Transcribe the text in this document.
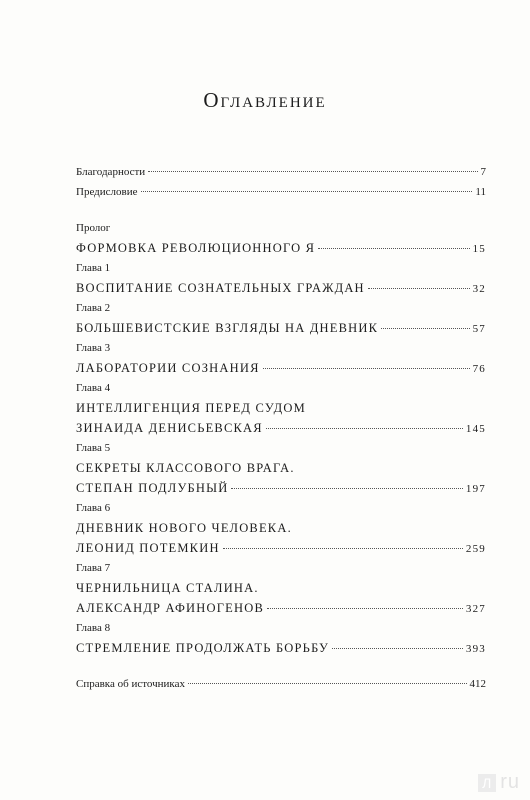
Оглавление
Благодарности	7
Предисловие	11
Пролог
ФОРМОВКА РЕВОЛЮЦИОННОГО Я	15
Глава 1
ВОСПИТАНИЕ СОЗНАТЕЛЬНЫХ ГРАЖДАН	32
Глава 2
БОЛЬШЕВИСТСКИЕ ВЗГЛЯДЫ НА ДНЕВНИК	57
Глава 3
ЛАБОРАТОРИИ СОЗНАНИЯ	76
Глава 4
ИНТЕЛЛИГЕНЦИЯ ПЕРЕД СУДОМ
ЗИНАИДА ДЕНИСЬЕВСКАЯ	145
Глава 5
СЕКРЕТЫ КЛАССОВОГО ВРАГА.
СТЕПАН ПОДЛУБНЫЙ	197
Глава 6
ДНЕВНИК НОВОГО ЧЕЛОВЕКА.
ЛЕОНИД ПОТЕМКИН	259
Глава 7
ЧЕРНИЛЬНИЦА СТАЛИНА.
АЛЕКСАНДР АФИНОГЕНОВ	327
Глава 8
СТРЕМЛЕНИЕ ПРОДОЛЖАТЬ БОРЬБУ	393
Справка об источниках	412
Л ru
